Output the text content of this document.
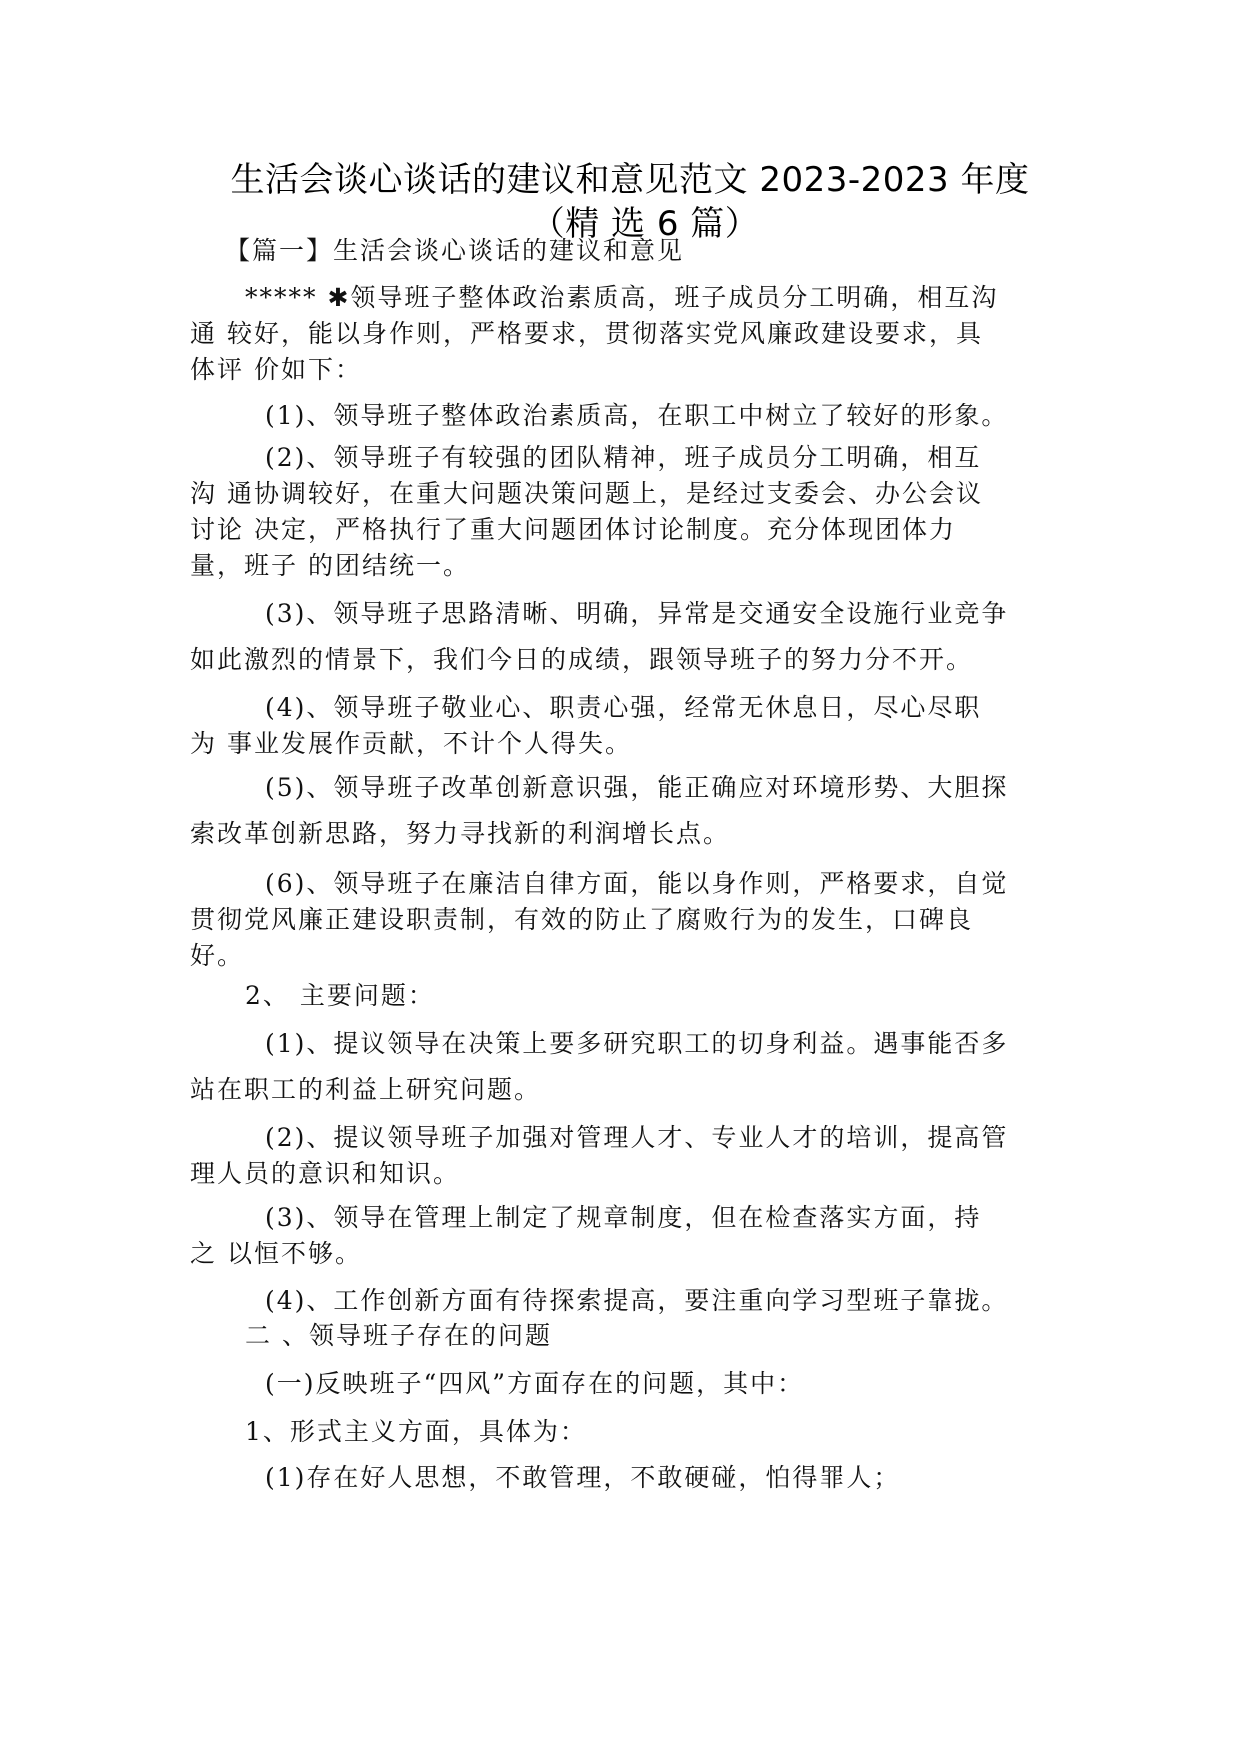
生活会谈心谈话的建议和意见范文 2023-2023 年度
（精 选 6 篇）
【篇一】生活会谈心谈话的建议和意见
***** ✱领导班子整体政治素质高，班子成员分工明确，相互沟
通 较好，能以身作则，严格要求，贯彻落实党风廉政建设要求，具
体评 价如下：
(1)、领导班子整体政治素质高，在职工中树立了较好的形象。
(2)、领导班子有较强的团队精神，班子成员分工明确，相互
沟 通协调较好，在重大问题决策问题上，是经过支委会、办公会议
讨论 决定，严格执行了重大问题团体讨论制度。充分体现团体力
量，班子 的团结统一。
(3)、领导班子思路清晰、明确，异常是交通安全设施行业竞争
如此激烈的情景下，我们今日的成绩，跟领导班子的努力分不开。
(4)、领导班子敬业心、职责心强，经常无休息日，尽心尽职
为 事业发展作贡献，不计个人得失。
(5)、领导班子改革创新意识强，能正确应对环境形势、大胆探
索改革创新思路，努力寻找新的利润增长点。
(6)、领导班子在廉洁自律方面，能以身作则，严格要求，自觉
贯彻党风廉正建设职责制，有效的防止了腐败行为的发生，口碑良
好。
2、 主要问题：
(1)、提议领导在决策上要多研究职工的切身利益。遇事能否多
站在职工的利益上研究问题。
(2)、提议领导班子加强对管理人才、专业人才的培训，提高管
理人员的意识和知识。
(3)、领导在管理上制定了规章制度，但在检查落实方面，持
之 以恒不够。
(4)、工作创新方面有待探索提高，要注重向学习型班子靠拢。
二 、领导班子存在的问题
(一)反映班子“四风”方面存在的问题，其中：
1、形式主义方面，具体为：
(1)存在好人思想，不敢管理，不敢硬碰，怕得罪人；
